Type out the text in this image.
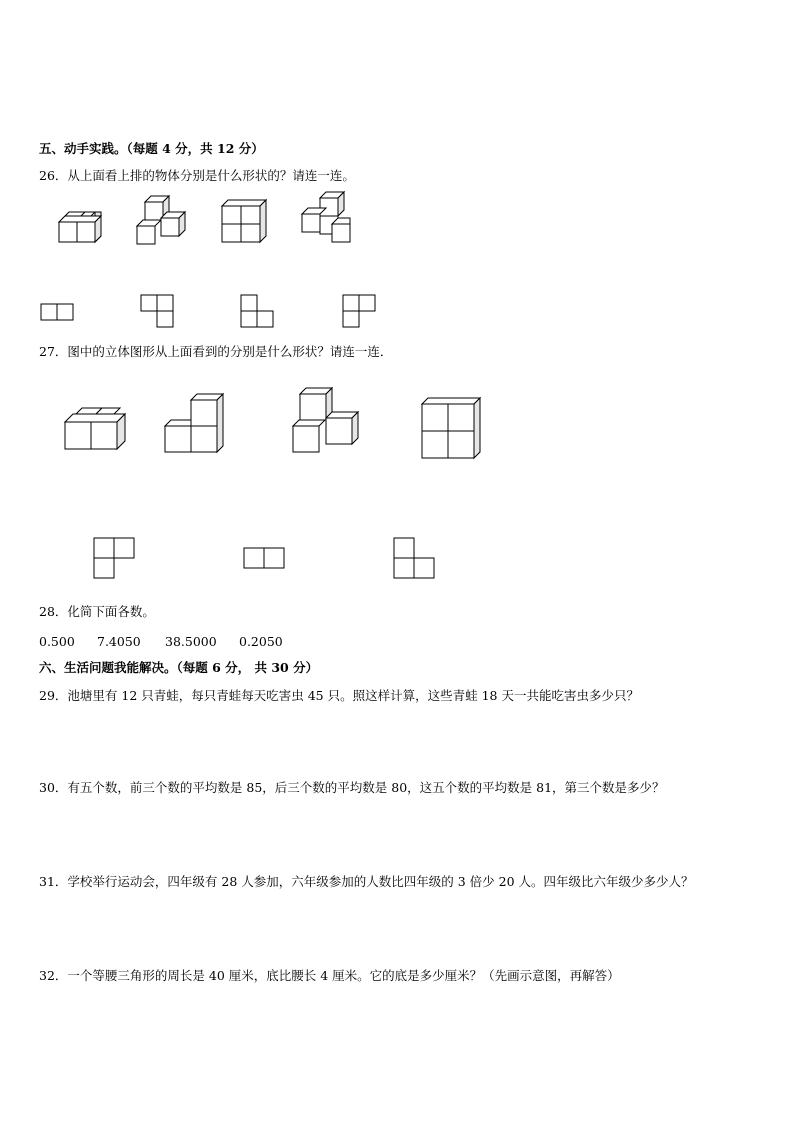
五、动手实践。（每题 4 分，共 12 分）
26．从上面看上排的物体分别是什么形状的？请连一连。
27．图中的立体图形从上面看到的分别是什么形状？请连一连．
28．化简下面各数。
0.500 7.4050 38.5000 0.2050
六、生活问题我能解决。（每题 6 分， 共 30 分）
29．池塘里有 12 只青蛙，每只青蛙每天吃害虫 45 只。照这样计算，这些青蛙 18 天一共能吃害虫多少只？
30．有五个数，前三个数的平均数是 85，后三个数的平均数是 80，这五个数的平均数是 81，第三个数是多少？
31．学校举行运动会，四年级有 28 人参加，六年级参加的人数比四年级的 3 倍少 20 人。四年级比六年级少多少人？
32．一个等腰三角形的周长是 40 厘米，底比腰长 4 厘米。它的底是多少厘米？（先画示意图，再解答）
